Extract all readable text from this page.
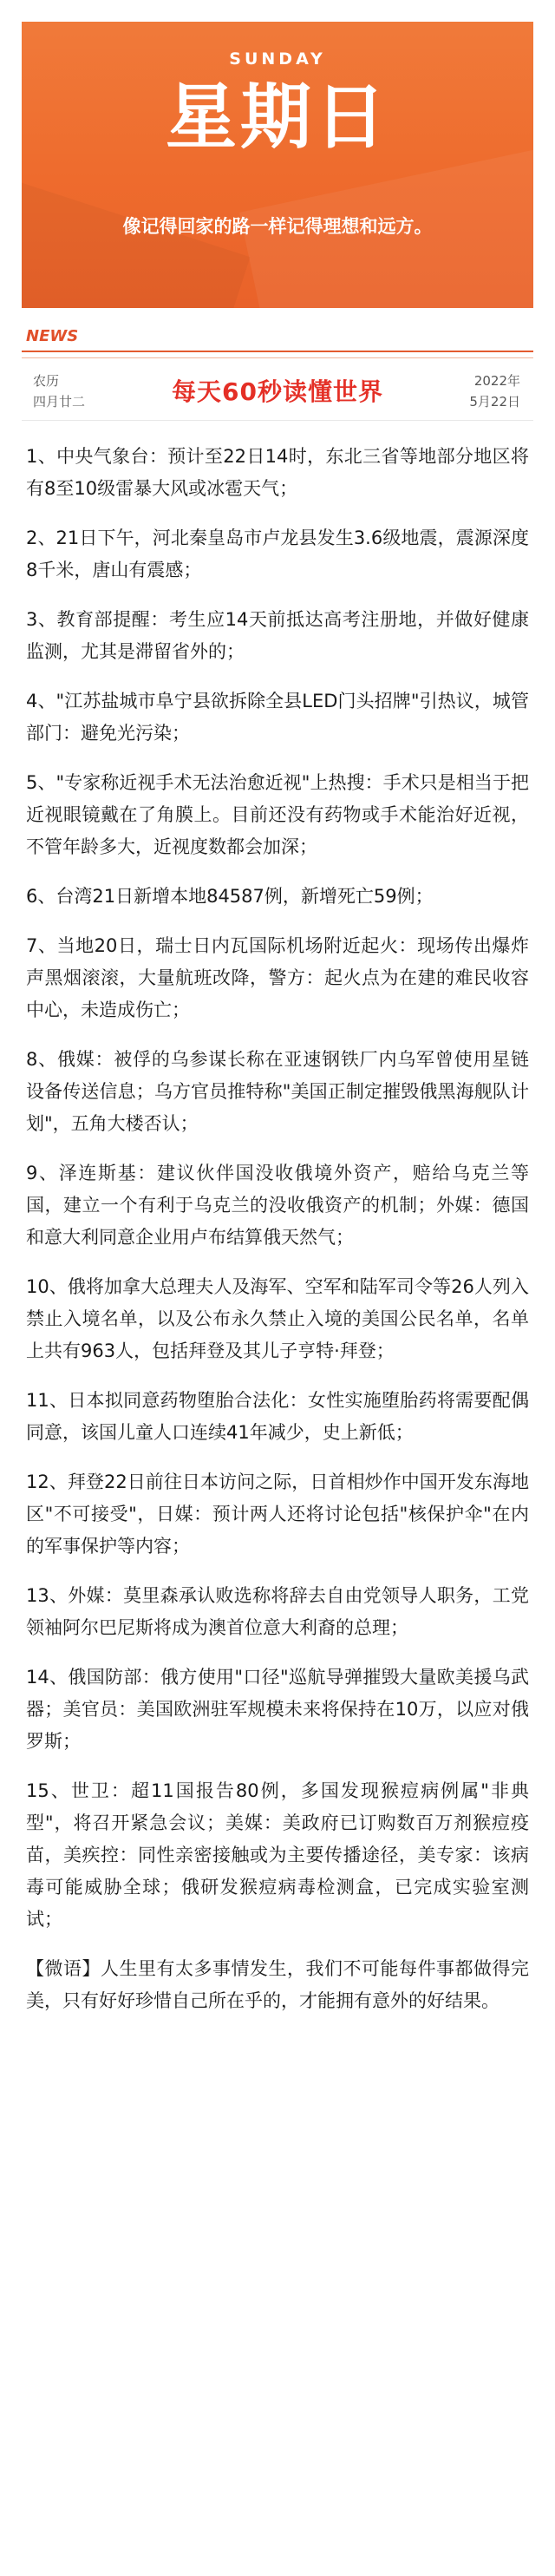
SUNDAY
星期日
像记得回家的路一样记得理想和远方。
NEWS
农历
四月廿二	每天60秒读懂世界	2022年
5月22日

1、中央气象台：预计至22日14时，东北三省等地部分地区将有8至10级雷暴大风或冰雹天气；

2、21日下午，河北秦皇岛市卢龙县发生3.6级地震，震源深度8千米，唐山有震感；

3、教育部提醒：考生应14天前抵达高考注册地，并做好健康监测，尤其是滞留省外的；

4、"江苏盐城市阜宁县欲拆除全县LED门头招牌"引热议，城管部门：避免光污染；

5、"专家称近视手术无法治愈近视"上热搜：手术只是相当于把近视眼镜戴在了角膜上。目前还没有药物或手术能治好近视，不管年龄多大，近视度数都会加深；

6、台湾21日新增本地84587例，新增死亡59例；

7、当地20日，瑞士日内瓦国际机场附近起火：现场传出爆炸声黑烟滚滚，大量航班改降，警方：起火点为在建的难民收容中心，未造成伤亡；

8、俄媒：被俘的乌参谋长称在亚速钢铁厂内乌军曾使用星链设备传送信息；乌方官员推特称"美国正制定摧毁俄黑海舰队计划"，五角大楼否认；

9、泽连斯基：建议伙伴国没收俄境外资产，赔给乌克兰等国，建立一个有利于乌克兰的没收俄资产的机制；外媒：德国和意大利同意企业用卢布结算俄天然气；

10、俄将加拿大总理夫人及海军、空军和陆军司令等26人列入禁止入境名单，以及公布永久禁止入境的美国公民名单，名单上共有963人，包括拜登及其儿子亨特·拜登；

11、日本拟同意药物堕胎合法化：女性实施堕胎药将需要配偶同意，该国儿童人口连续41年减少，史上新低；

12、拜登22日前往日本访问之际，日首相炒作中国开发东海地区"不可接受"，日媒：预计两人还将讨论包括"核保护伞"在内的军事保护等内容；

13、外媒：莫里森承认败选称将辞去自由党领导人职务，工党领袖阿尔巴尼斯将成为澳首位意大利裔的总理；

14、俄国防部：俄方使用"口径"巡航导弹摧毁大量欧美援乌武器；美官员：美国欧洲驻军规模未来将保持在10万，以应对俄罗斯；

15、世卫：超11国报告80例，多国发现猴痘病例属"非典型"，将召开紧急会议；美媒：美政府已订购数百万剂猴痘疫苗，美疾控：同性亲密接触或为主要传播途径，美专家：该病毒可能威胁全球；俄研发猴痘病毒检测盒，已完成实验室测试；

【微语】人生里有太多事情发生，我们不可能每件事都做得完美，只有好好珍惜自己所在乎的，才能拥有意外的好结果。
